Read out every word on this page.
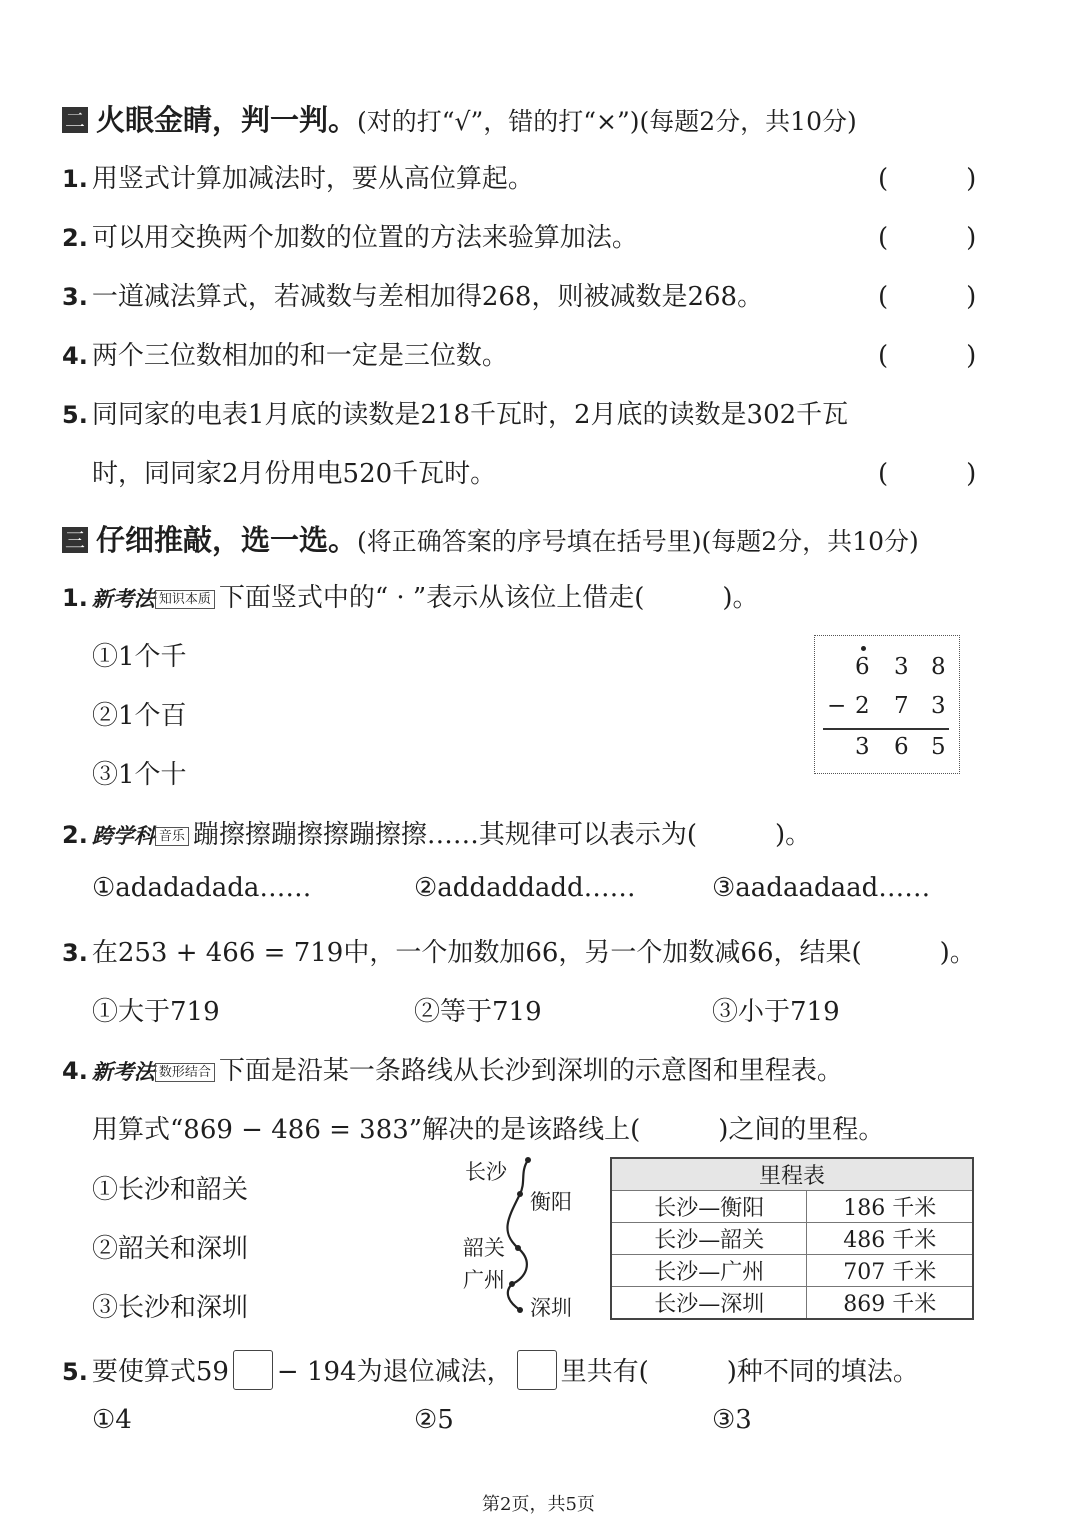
二 火眼金睛，判一判。(对的打“√”，错的打“×”)(每题2分，共10分)
1. 用竖式计算加减法时，要从高位算起。	(　　　)
2. 可以用交换两个加数的位置的方法来验算加法。	(　　　)
3. 一道减法算式，若减数与差相加得268，则被减数是268。	(　　　)
4. 两个三位数相加的和一定是三位数。	(　　　)
5. 同同家的电表1月底的读数是218千瓦时，2月底的读数是302千瓦
时，同同家2月份用电520千瓦时。	(　　　)
三 仔细推敲，选一选。(将正确答案的序号填在括号里)(每题2分，共10分)
1. 新考法 知识本质 下面竖式中的“ · ”表示从该位上借走(　　　)。
①1个千
②1个百
③1个十
6 3 8
− 2 7 3
3 6 5
2. 跨学科 音乐 蹦擦擦蹦擦擦蹦擦擦……其规律可以表示为(　　　)。
①adadadada……	②addaddadd……	③aadaadaad……
3. 在253 + 466 = 719中，一个加数加66，另一个加数减66，结果(　　　)。
①大于719	②等于719	③小于719
4. 新考法 数形结合 下面是沿某一条路线从长沙到深圳的示意图和里程表。
用算式“869 − 486 = 383”解决的是该路线上(　　　)之间的里程。
①长沙和韶关
②韶关和深圳
③长沙和深圳
长沙
衡阳
韶关
广州
深圳
里程表	
长沙—衡阳	186 千米
长沙—韶关	486 千米
长沙—广州	707 千米
长沙—深圳	869 千米
5. 要使算式59 − 194为退位减法， 里共有(　　　)种不同的填法。
①4	②5	③3
第2页，共5页
